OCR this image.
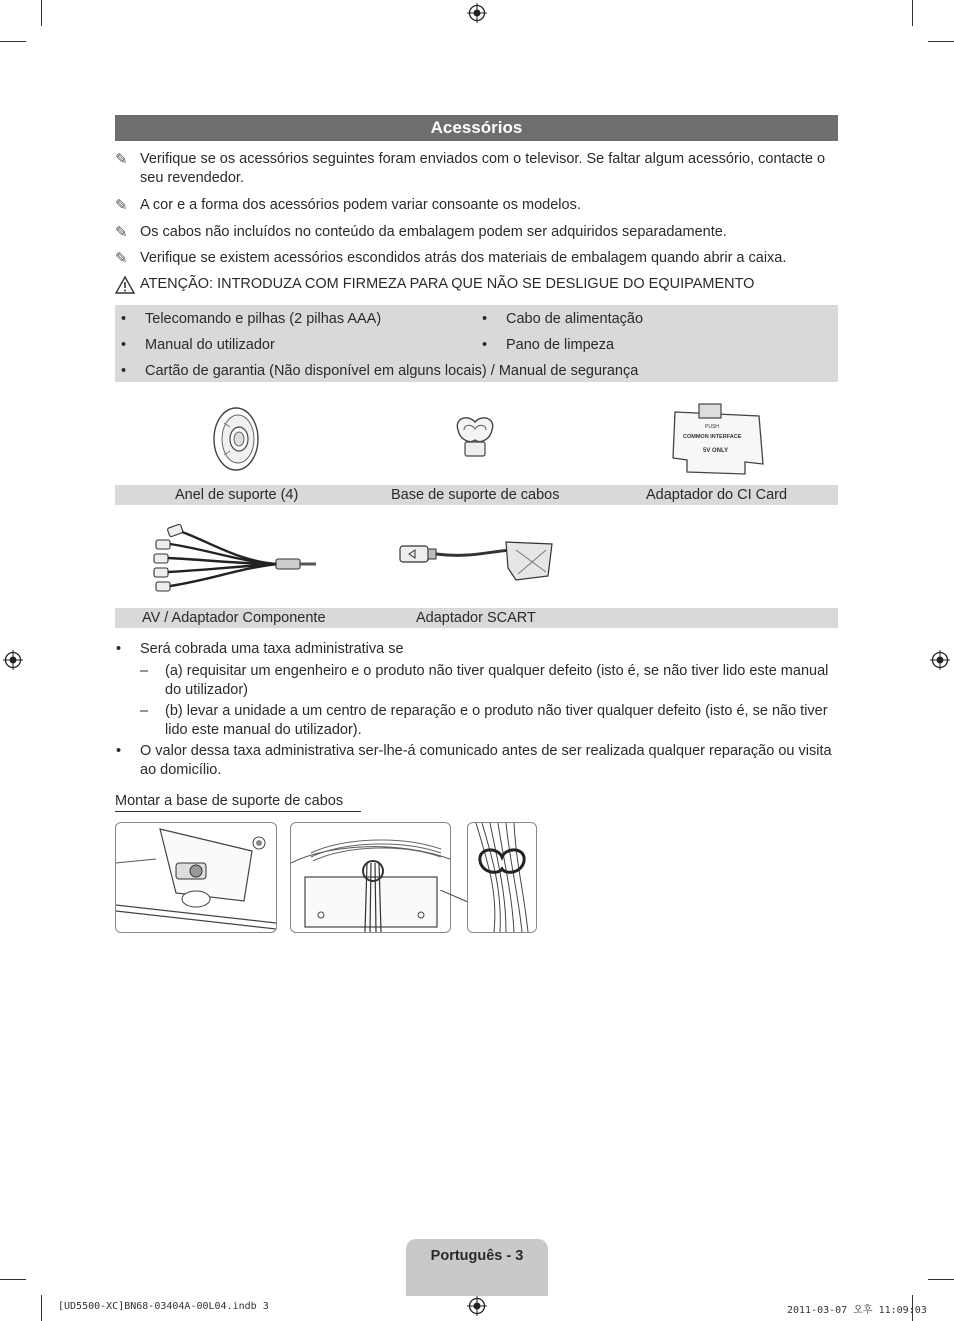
Acessórios
✎ Verifique se os acessórios seguintes foram enviados com o televisor. Se faltar algum acessório, contacte o seu revendedor.
✎ A cor e a forma dos acessórios podem variar consoante os modelos.
✎ Os cabos não incluídos no conteúdo da embalagem podem ser adquiridos separadamente.
✎ Verifique se existem acessórios escondidos atrás dos materiais de embalagem quando abrir a caixa.
ATENÇÃO: INTRODUZA COM FIRMEZA PARA QUE NÃO SE DESLIGUE DO EQUIPAMENTO
• Telecomando e pilhas (2 pilhas AAA)
• Manual do utilizador
• Cabo de alimentação
• Pano de limpeza
• Cartão de garantia (Não disponível em alguns locais) / Manual de segurança
PUSH
COMMON INTERFACE
5V ONLY
Anel de suporte (4)	Base de suporte de cabos	Adaptador do CI Card
AV / Adaptador Componente	Adaptador SCART
• Será cobrada uma taxa administrativa se
– (a) requisitar um engenheiro e o produto não tiver qualquer defeito (isto é, se não tiver lido este manual
do utilizador)
– (b) levar a unidade a um centro de reparação e o produto não tiver qualquer defeito (isto é, se não tiver
lido este manual do utilizador).
• O valor dessa taxa administrativa ser-lhe-á comunicado antes de ser realizada qualquer reparação ou visita
ao domicílio.
Montar a base de suporte de cabos
Português - 3
[UD5500-XC]BN68-03404A-00L04.indb 3	2011-03-07 오후 11:09:03
